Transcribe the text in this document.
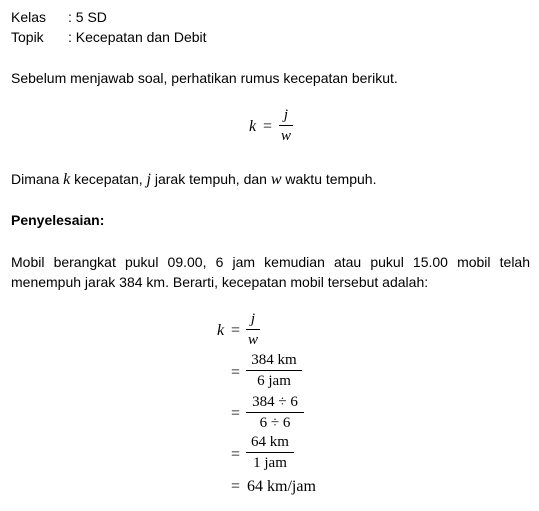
Kelas : 5 SD
Topik : Kecepatan dan Debit
Sebelum menjawab soal, perhatikan rumus kecepatan berikut.
k =
j
w
Dimana k kecepatan, j jarak tempuh, dan w waktu tempuh.
Penyelesaian:
Mobil berangkat pukul 09.00, 6 jam kemudian atau pukul 15.00 mobil telah menempuh jarak 384 km. Berarti, kecepatan mobil tersebut adalah:
k =
j
w
=
384 km
6 jam
=
384 ÷ 6
6 ÷ 6
=
64 km
1 jam
= 64 km/jam
